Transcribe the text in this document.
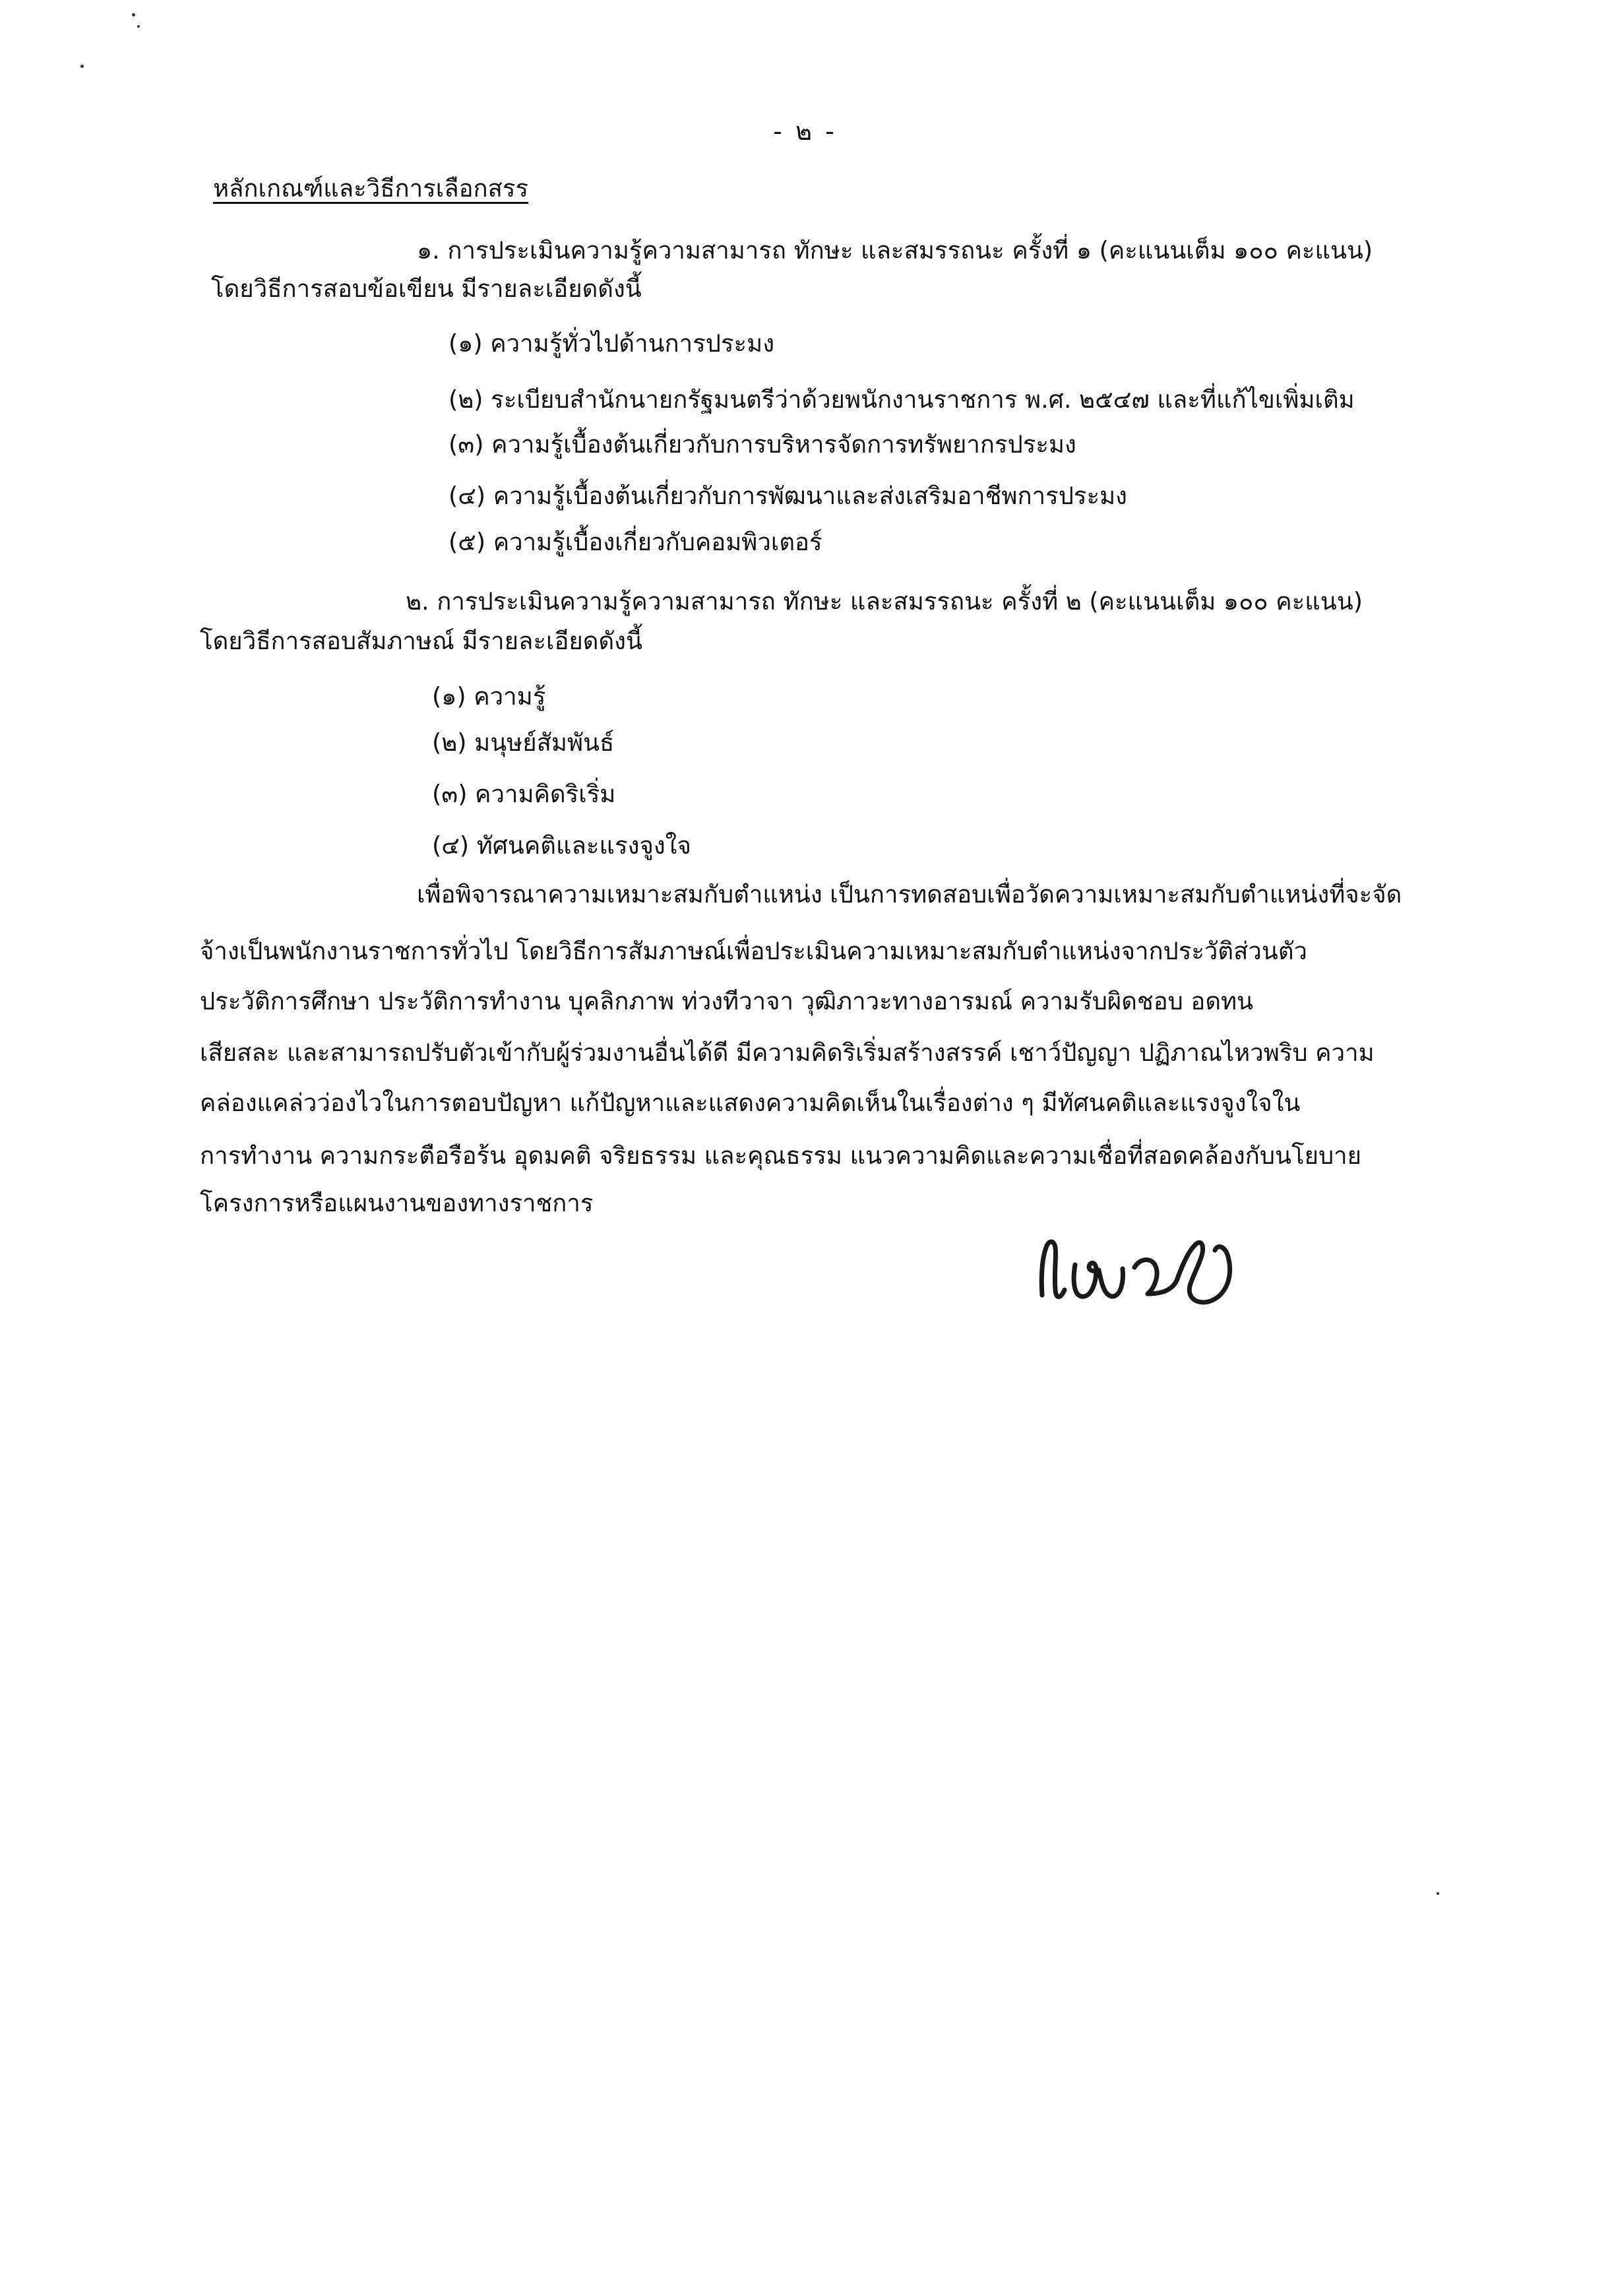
- ๒ -
หลักเกณฑ์และวิธีการเลือกสรร
๑. การประเมินความรู้ความสามารถ ทักษะ และสมรรถนะ ครั้งที่ ๑ (คะแนนเต็ม ๑๐๐ คะแนน)
โดยวิธีการสอบข้อเขียน มีรายละเอียดดังนี้
(๑) ความรู้ทั่วไปด้านการประมง
(๒) ระเบียบสำนักนายกรัฐมนตรีว่าด้วยพนักงานราชการ พ.ศ. ๒๕๔๗ และที่แก้ไขเพิ่มเติม
(๓) ความรู้เบื้องต้นเกี่ยวกับการบริหารจัดการทรัพยากรประมง
(๔) ความรู้เบื้องต้นเกี่ยวกับการพัฒนาและส่งเสริมอาชีพการประมง
(๕) ความรู้เบื้องเกี่ยวกับคอมพิวเตอร์
๒. การประเมินความรู้ความสามารถ ทักษะ และสมรรถนะ ครั้งที่ ๒ (คะแนนเต็ม ๑๐๐ คะแนน)
โดยวิธีการสอบสัมภาษณ์ มีรายละเอียดดังนี้
(๑) ความรู้
(๒) มนุษย์สัมพันธ์
(๓) ความคิดริเริ่ม
(๔) ทัศนคติและแรงจูงใจ
เพื่อพิจารณาความเหมาะสมกับตำแหน่ง เป็นการทดสอบเพื่อวัดความเหมาะสมกับตำแหน่งที่จะจัด
จ้างเป็นพนักงานราชการทั่วไป โดยวิธีการสัมภาษณ์เพื่อประเมินความเหมาะสมกับตำแหน่งจากประวัติส่วนตัว
ประวัติการศึกษา ประวัติการทำงาน บุคลิกภาพ ท่วงทีวาจา วุฒิภาวะทางอารมณ์ ความรับผิดชอบ อดทน
เสียสละ และสามารถปรับตัวเข้ากับผู้ร่วมงานอื่นได้ดี มีความคิดริเริ่มสร้างสรรค์ เชาว์ปัญญา ปฏิภาณไหวพริบ ความ
คล่องแคล่วว่องไวในการตอบปัญหา แก้ปัญหาและแสดงความคิดเห็นในเรื่องต่าง ๆ มีทัศนคติและแรงจูงใจใน
การทำงาน ความกระตือรือร้น อุดมคติ จริยธรรม และคุณธรรม แนวความคิดและความเชื่อที่สอดคล้องกับนโยบาย
โครงการหรือแผนงานของทางราชการ
